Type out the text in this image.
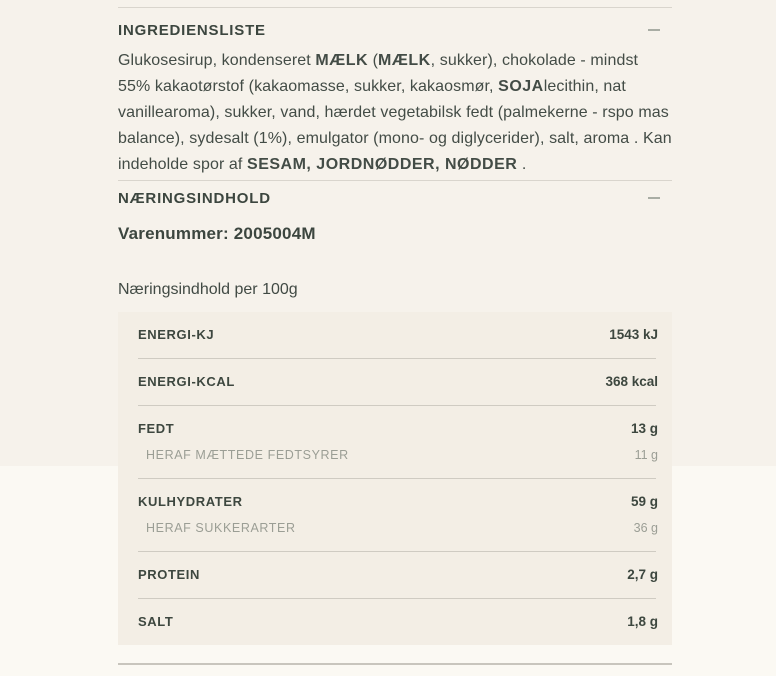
INGREDIENSLISTE

Glukosesirup, kondenseret MÆLK (MÆLK, sukker), chokolade - mindst 55% kakaotørstof (kakaomasse, sukker, kakaosmør, SOJAlecithin, nat vanillearoma), sukker, vand, hærdet vegetabilsk fedt (palmekerne - rspo mas balance), sydesalt (1%), emulgator (mono- og diglycerider), salt, aroma . Kan indeholde spor af SESAM, JORDNØDDER, NØDDER .

NÆRINGSINDHOLD
Varenummer: 2005004M
Næringsindhold per 100g
ENERGI-KJ	1543 kJ
ENERGI-KCAL	368 kcal
FEDT	13 g
HERAF MÆTTEDE FEDTSYRER	11 g
KULHYDRATER	59 g
HERAF SUKKERARTER	36 g
PROTEIN	2,7 g
SALT	1,8 g
